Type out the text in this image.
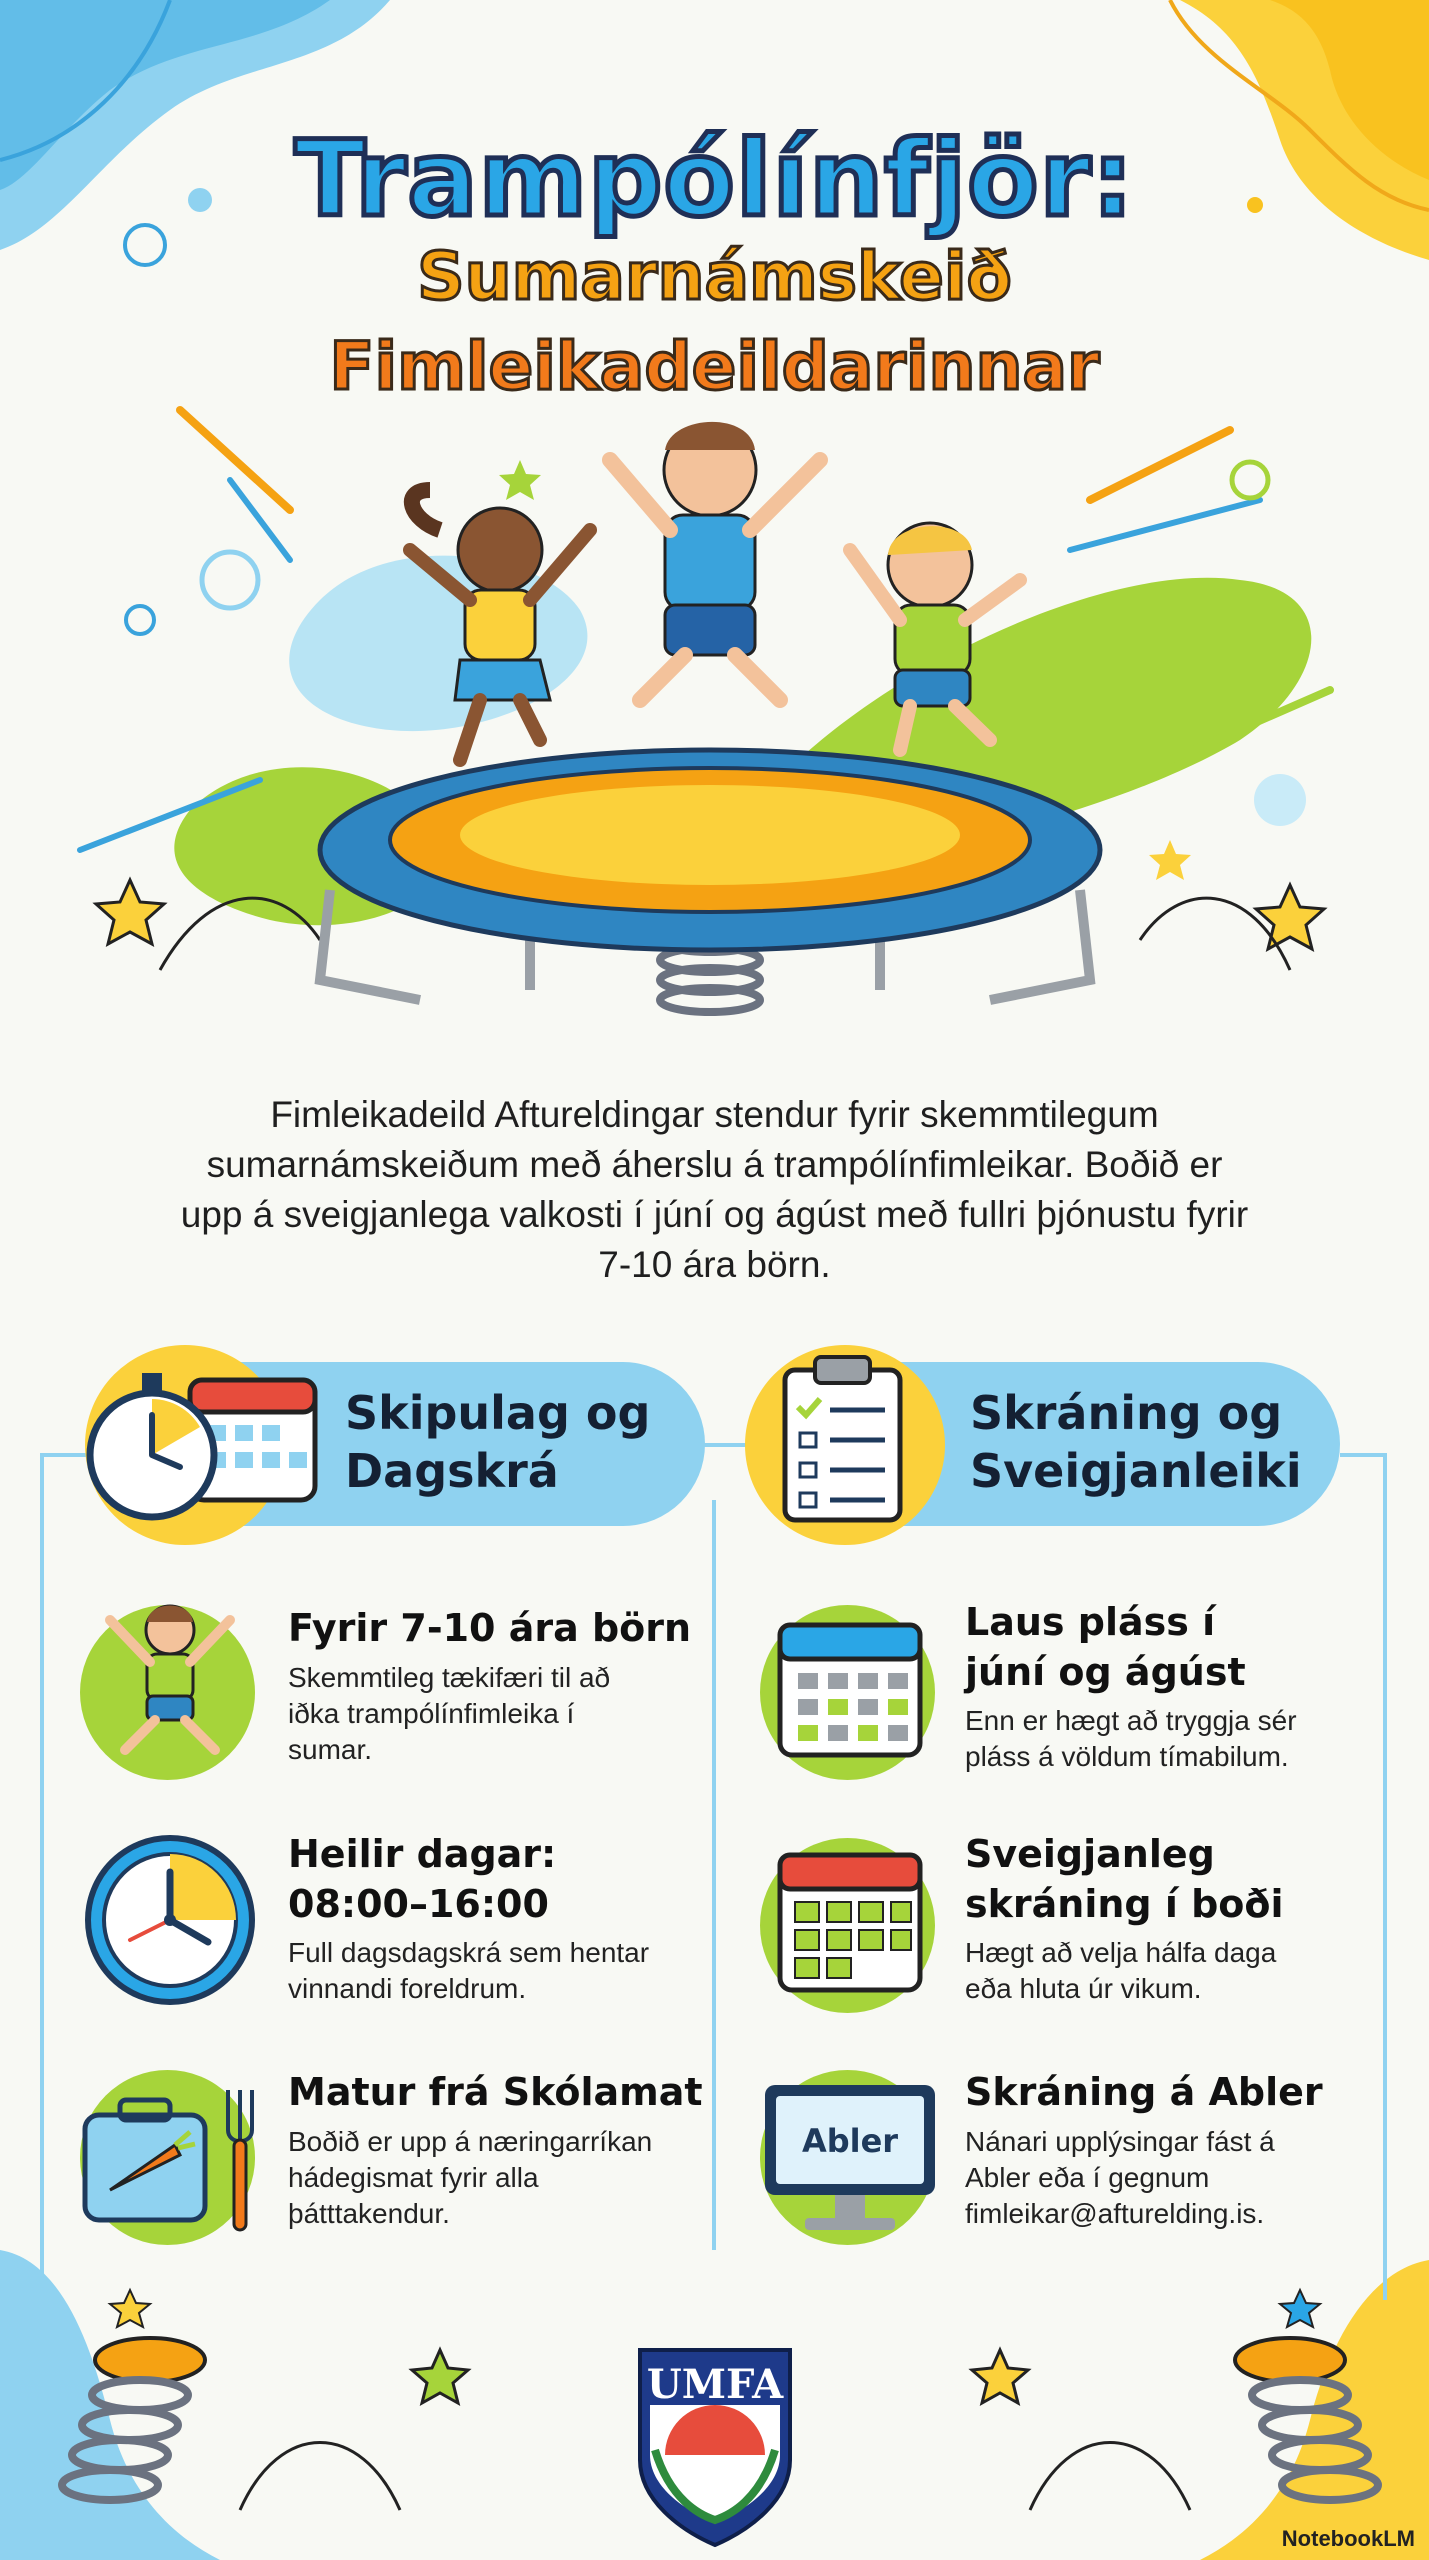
Trampólínfjör:
Sumarnámskeið
Fimleikadeildarinnar
Fimleikadeild Aftureldingar stendur fyrir skemmtilegum sumarnámskeiðum með áherslu á trampólínfimleikar. Boðið er upp á sveigjanlega valkosti í júní og ágúst með fullri þjónustu fyrir 7-10 ára börn.
Skipulag og
Dagskrá
Skráning og
Sveigjanleiki
Fyrir 7-10 ára börn
Skemmtileg tækifæri til að
iðka trampólínfimleika í
sumar.
Heilir dagar:
08:00–16:00
Full dagsdagskrá sem hentar
vinnandi foreldrum.
Matur frá Skólamat
Boðið er upp á næringarríkan
hádegismat fyrir alla
þátttakendur.
Laus pláss í
júní og ágúst
Enn er hægt að tryggja sér
pláss á völdum tímabilum.
Sveigjanleg
skráning í boði
Hægt að velja hálfa daga
eða hluta úr vikum.
Abler
Skráning á Abler
Nánari upplýsingar fást á
Abler eða í gegnum
fimleikar@afturelding.is.
UMFA
NotebookLM
